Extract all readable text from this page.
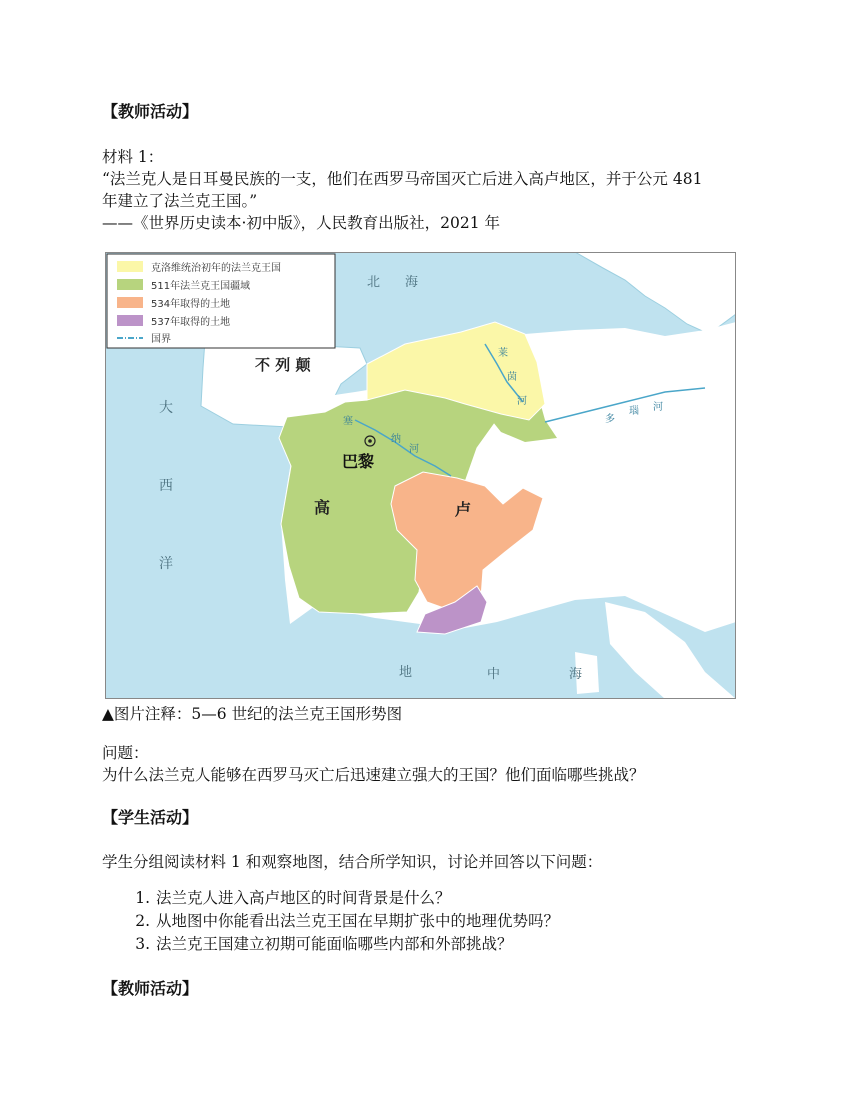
【教师活动】
材料 1：
“法兰克人是日耳曼民族的一支，他们在西罗马帝国灭亡后进入高卢地区，并于公元 481
年建立了法兰克王国。”
——《世界历史读本·初中版》，人民教育出版社，2021 年
克洛维统治初年的法兰克王国
511年法兰克王国疆域
534年取得的土地
537年取得的土地
国界
不 列 颠
巴黎
高	卢
大
西
洋
北 海
地	中	海
莱
茵
河
塞
纳
河
多
瑙 河
▲图片注释：5—6 世纪的法兰克王国形势图
问题：
为什么法兰克人能够在西罗马灭亡后迅速建立强大的王国？他们面临哪些挑战？
【学生活动】
学生分组阅读材料 1 和观察地图，结合所学知识，讨论并回答以下问题：
1. 法兰克人进入高卢地区的时间背景是什么？
2. 从地图中你能看出法兰克王国在早期扩张中的地理优势吗？
3. 法兰克王国建立初期可能面临哪些内部和外部挑战？
【教师活动】
